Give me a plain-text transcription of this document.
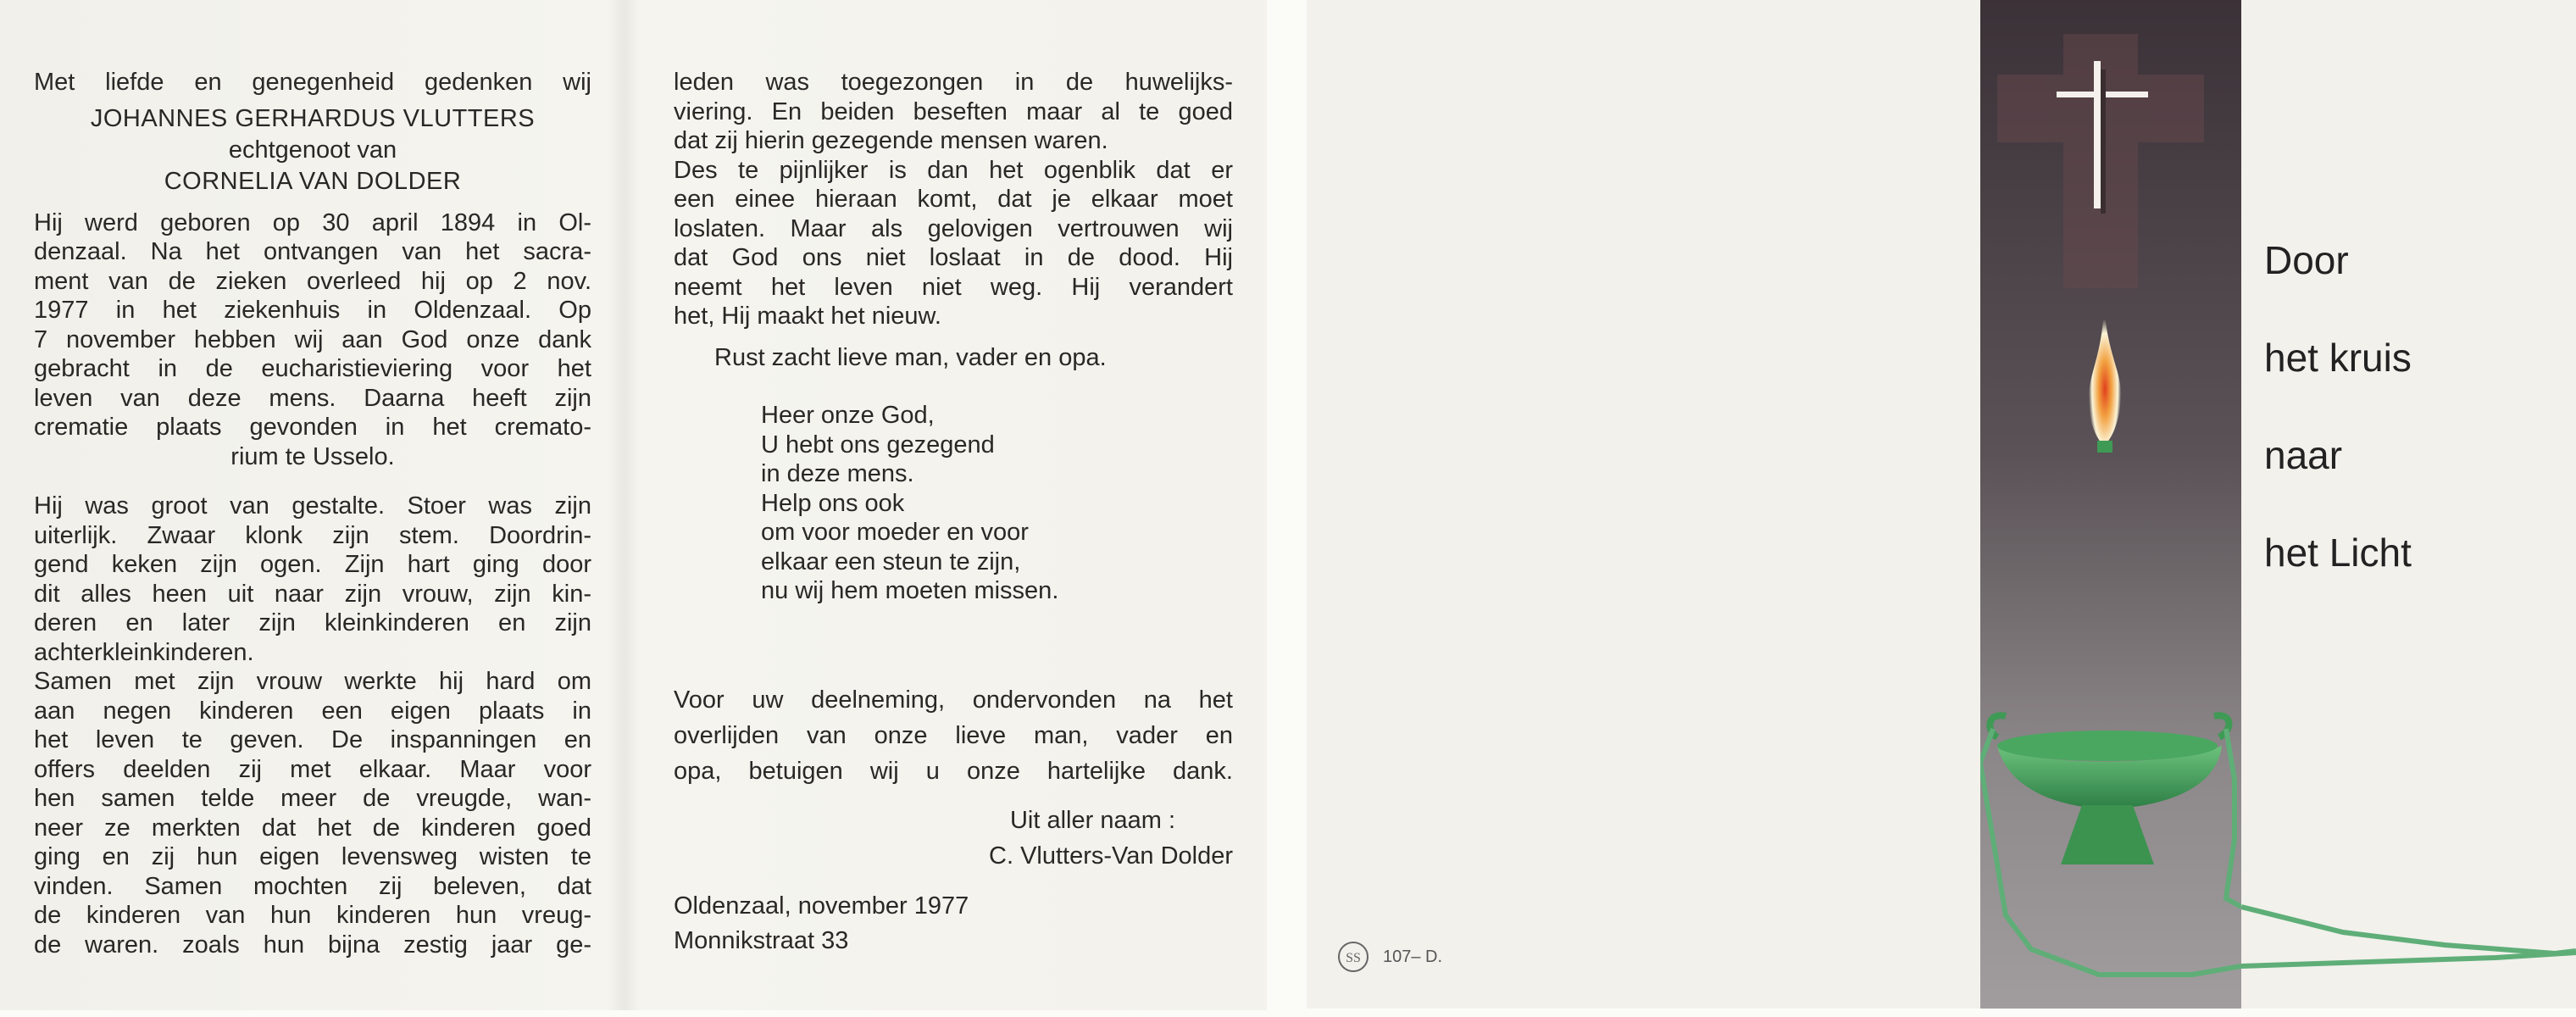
Met liefde en genegenheid gedenken wij
JOHANNES GERHARDUS VLUTTERS
echtgenoot van
CORNELIA VAN DOLDER
Hij werd geboren op 30 april 1894 in Ol-
denzaal. Na het ontvangen van het sacra-
ment van de zieken overleed hij op 2 nov.
1977 in het ziekenhuis in Oldenzaal. Op
7 november hebben wij aan God onze dank
gebracht in de eucharistieviering voor het
leven van deze mens. Daarna heeft zijn
crematie plaats gevonden in het cremato-
rium te Usselo.
Hij was groot van gestalte. Stoer was zijn
uiterlijk. Zwaar klonk zijn stem. Doordrin-
gend keken zijn ogen. Zijn hart ging door
dit alles heen uit naar zijn vrouw, zijn kin-
deren en later zijn kleinkinderen en zijn
achterkleinkinderen.
Samen met zijn vrouw werkte hij hard om
aan negen kinderen een eigen plaats in
het leven te geven. De inspanningen en
offers deelden zij met elkaar. Maar voor
hen samen telde meer de vreugde, wan-
neer ze merkten dat het de kinderen goed
ging en zij hun eigen levensweg wisten te
vinden. Samen mochten zij beleven, dat
de kinderen van hun kinderen hun vreug-
de waren. zoals hun bijna zestig jaar ge-
leden was toegezongen in de huwelijks-
viering. En beiden beseften maar al te goed
dat zij hierin gezegende mensen waren.
Des te pijnlijker is dan het ogenblik dat er
een einee hieraan komt, dat je elkaar moet
loslaten. Maar als gelovigen vertrouwen wij
dat God ons niet loslaat in de dood. Hij
neemt het leven niet weg. Hij verandert
het, Hij maakt het nieuw.
Rust zacht lieve man, vader en opa.
Heer onze God,
U hebt ons gezegend
in deze mens.
Help ons ook
om voor moeder en voor
elkaar een steun te zijn,
nu wij hem moeten missen.
Voor uw deelneming, ondervonden na het
overlijden van onze lieve man, vader en
opa, betuigen wij u onze hartelijke dank.
Uit aller naam :
C. Vlutters-Van Dolder
Oldenzaal, november 1977
Monnikstraat 33
Door
het kruis
naar
het Licht
SS 107– D.
